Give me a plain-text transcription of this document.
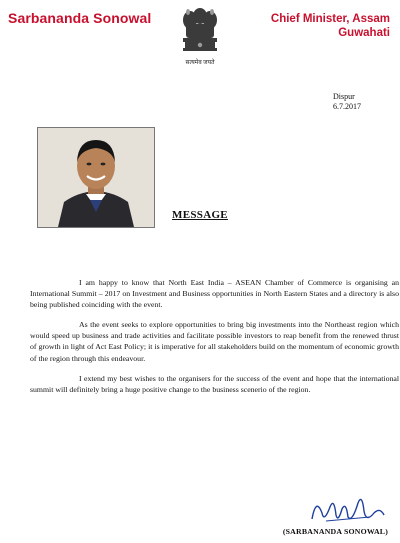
Sarbananda Sonowal
सत्यमेव जयते
Chief Minister, Assam
Guwahati
Dispur
6.7.2017
MESSAGE

I am happy to know that North East India – ASEAN Chamber of Commerce is organising an International Summit – 2017 on Investment and Business opportunities in North Eastern States and a directory is also being published coinciding with the event.

As the event seeks to explore opportunities to bring big investments into the Northeast region which would speed up business and trade activities and facilitate possible investors to reap benefit from the renewed thrust of growth in light of Act East Policy; it is imperative for all stakeholders build on the momentum of economic growth of the region through this endeavour.

I extend my best wishes to the organisers for the success of the event and hope that the international summit will definitely bring a huge positive change to the business scenerio of the region.

(SARBANANDA SONOWAL)
